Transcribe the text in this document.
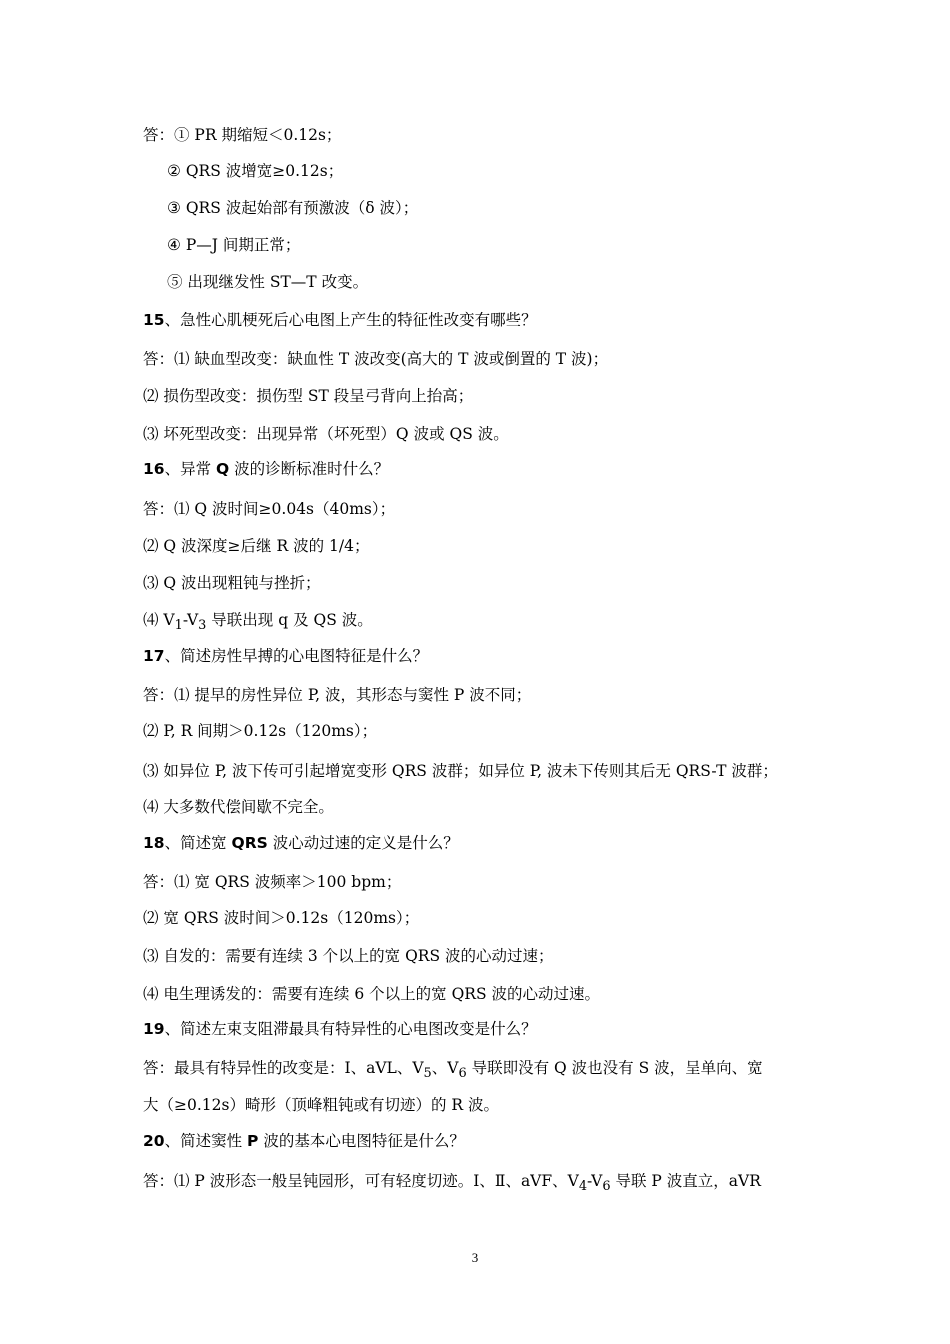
答：① PR 期缩短＜0.12s；
② QRS 波增宽≥0.12s；
③ QRS 波起始部有预激波（δ 波）；
④ P—J 间期正常；
⑤ 出现继发性 ST—T 改变。
15、急性心肌梗死后心电图上产生的特征性改变有哪些？
答：⑴ 缺血型改变：缺血性 T 波改变(高大的 T 波或倒置的 T 波)；
⑵ 损伤型改变：损伤型 ST 段呈弓背向上抬高；
⑶ 坏死型改变：出现异常（坏死型）Q 波或 QS 波。
16、异常 Q 波的诊断标准时什么？
答：⑴ Q 波时间≥0.04s（40ms）；
⑵ Q 波深度≥后继 R 波的 1/4；
⑶ Q 波出现粗钝与挫折；
⑷ $V_1-V_3$ 导联出现 q 及 QS 波。
17、简述房性早搏的心电图特征是什么？
答：⑴ 提早的房性异位 P, 波，其形态与窦性 P 波不同；
⑵ P, R 间期＞0.12s（120ms）；
⑶ 如异位 P, 波下传可引起增宽变形 QRS 波群；如异位 P, 波未下传则其后无 QRS-T 波群；
⑷ 大多数代偿间歇不完全。
18、简述宽 QRS 波心动过速的定义是什么？
答：⑴ 宽 QRS 波频率＞100 bpm；
⑵ 宽 QRS 波时间＞0.12s（120ms）；
⑶ 自发的：需要有连续 3 个以上的宽 QRS 波的心动过速；
⑷ 电生理诱发的：需要有连续 6 个以上的宽 QRS 波的心动过速。
19、简述左束支阻滞最具有特异性的心电图改变是什么？
答：最具有特异性的改变是：Ⅰ、aVL、$V_5$、$V_6$ 导联即没有 Q 波也没有 S 波，呈单向、宽
大（≥0.12s）畸形（顶峰粗钝或有切迹）的 R 波。
20、简述窦性 P 波的基本心电图特征是什么？
答：⑴ P 波形态一般呈钝园形，可有轻度切迹。Ⅰ、Ⅱ、aVF、$V_4-V_6$ 导联 P 波直立，aVR
3
